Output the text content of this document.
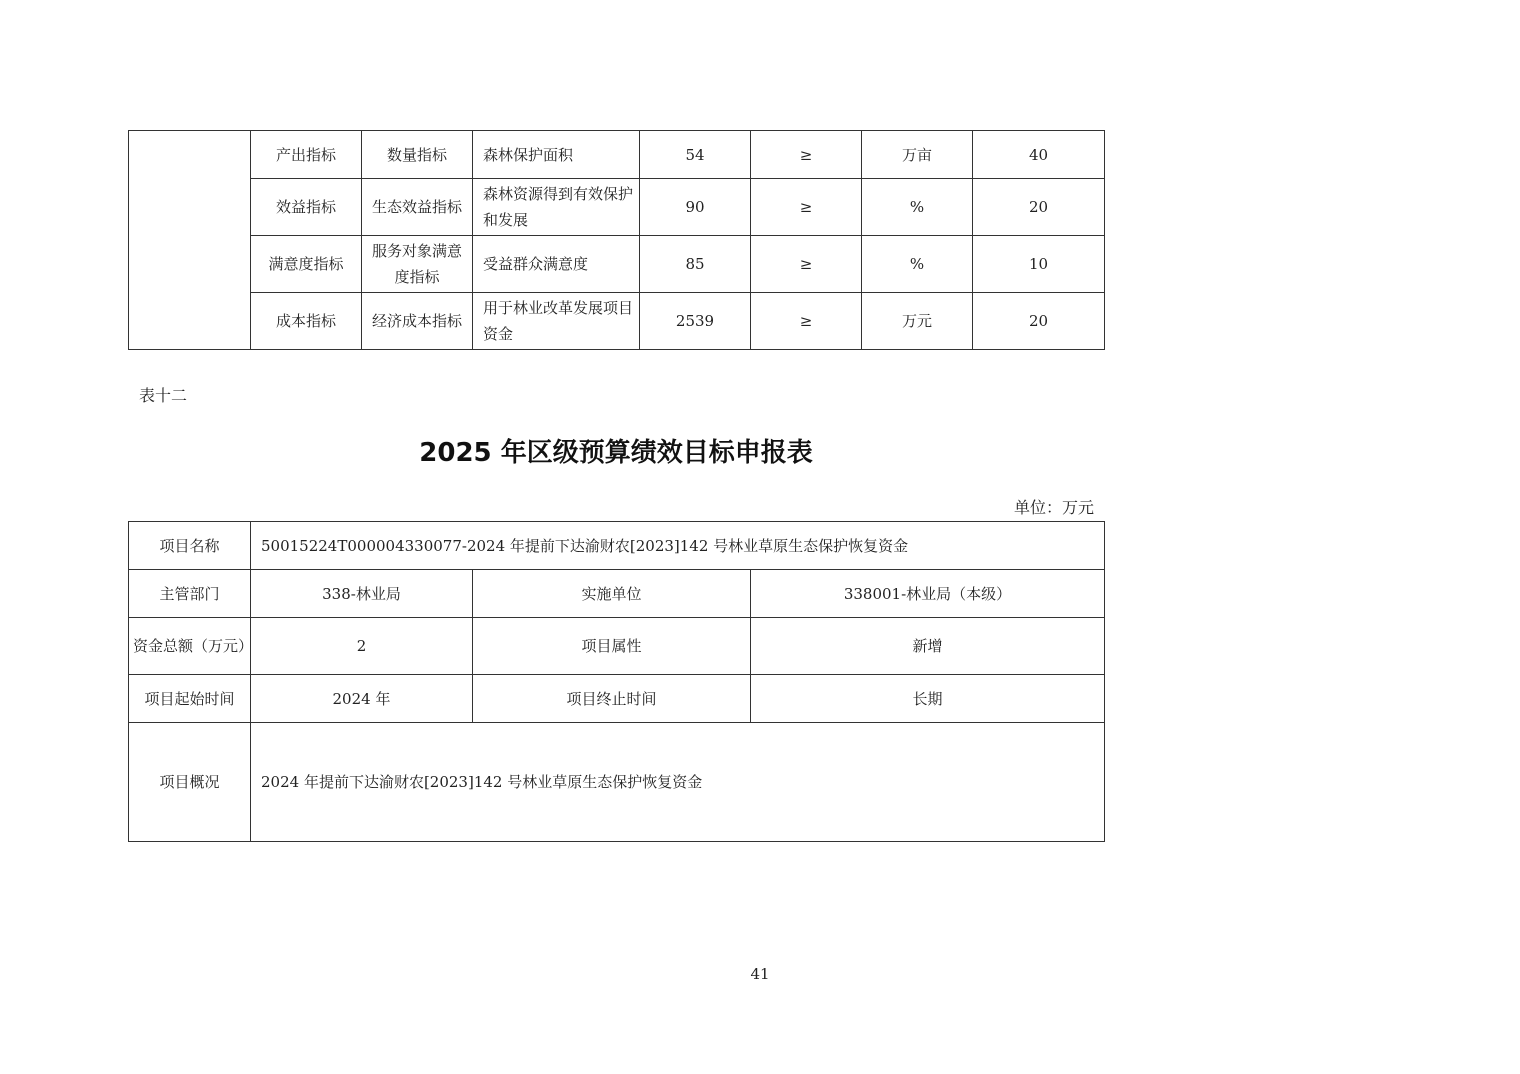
	产出指标	数量指标	森林保护面积	54	≥	万亩	40
	效益指标	生态效益指标	森林资源得到有效保护和发展	90	≥	%	20
	满意度指标	服务对象满意度指标	受益群众满意度	85	≥	%	10
	成本指标	经济成本指标	用于林业改革发展项目资金	2539	≥	万元	20
表十二
2025 年区级预算绩效目标申报表
单位：万元
项目名称	50015224T000004330077-2024 年提前下达渝财农[2023]142 号林业草原生态保护恢复资金		
主管部门	338-林业局	实施单位	338001-林业局（本级）
资金总额（万元）	2	项目属性	新增
项目起始时间	2024 年	项目终止时间	长期
项目概况	2024 年提前下达渝财农[2023]142 号林业草原生态保护恢复资金		
41
